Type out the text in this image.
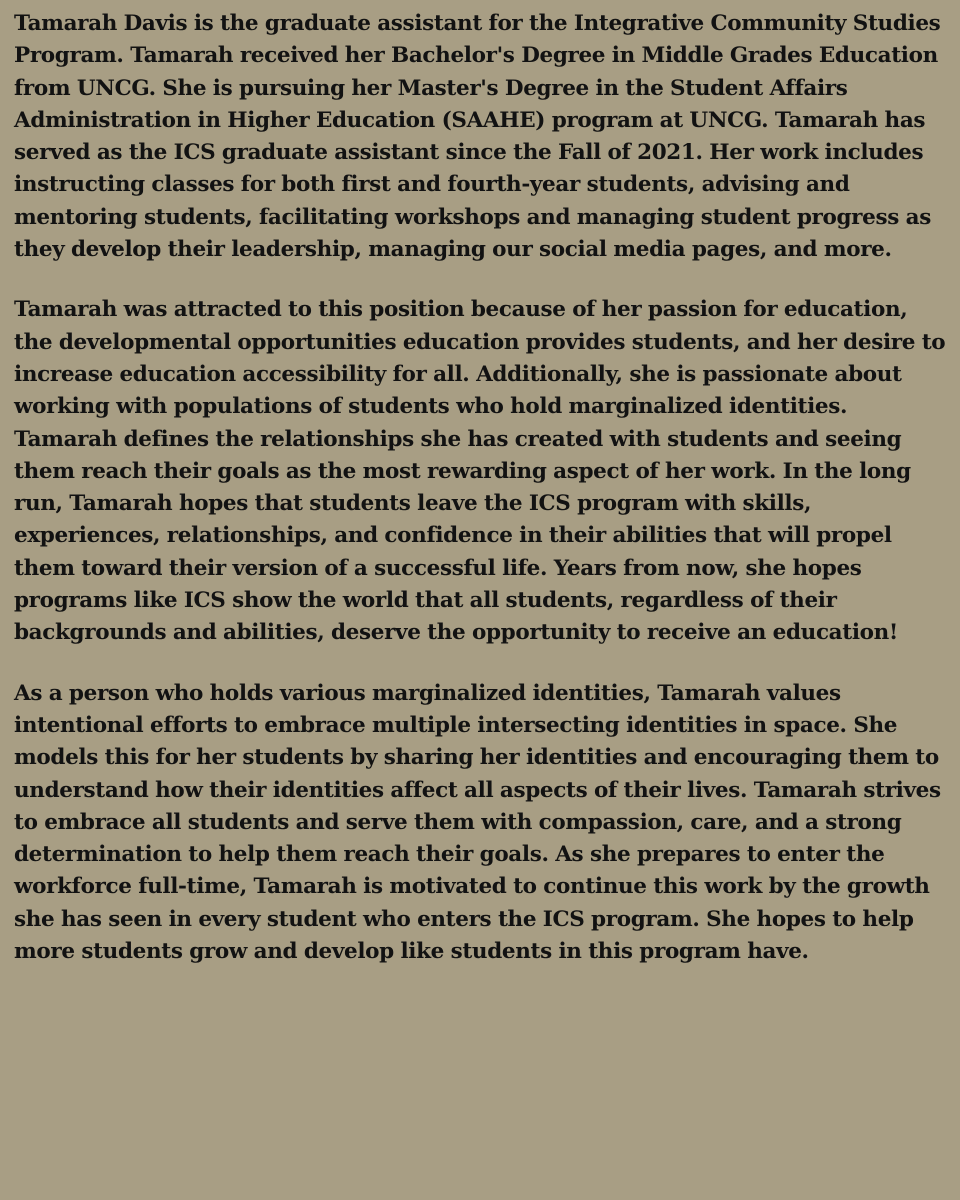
Tamarah Davis is the graduate assistant for the Integrative Community Studies Program. Tamarah received her Bachelor's Degree in Middle Grades Education from UNCG. She is pursuing her Master's Degree in the Student Affairs Administration in Higher Education (SAAHE) program at UNCG. Tamarah has served as the ICS graduate assistant since the Fall of 2021. Her work includes instructing classes for both first and fourth-year students, advising and mentoring students, facilitating workshops and managing student progress as they develop their leadership, managing our social media pages, and more.

Tamarah was attracted to this position because of her passion for education, the developmental opportunities education provides students, and her desire to increase education accessibility for all. Additionally, she is passionate about working with populations of students who hold marginalized identities. Tamarah defines the relationships she has created with students and seeing them reach their goals as the most rewarding aspect of her work. In the long run, Tamarah hopes that students leave the ICS program with skills, experiences, relationships, and confidence in their abilities that will propel them toward their version of a successful life. Years from now, she hopes programs like ICS show the world that all students, regardless of their backgrounds and abilities, deserve the opportunity to receive an education!

As a person who holds various marginalized identities, Tamarah values intentional efforts to embrace multiple intersecting identities in space. She models this for her students by sharing her identities and encouraging them to understand how their identities affect all aspects of their lives. Tamarah strives to embrace all students and serve them with compassion, care, and a strong determination to help them reach their goals. As she prepares to enter the workforce full-time, Tamarah is motivated to continue this work by the growth she has seen in every student who enters the ICS program. She hopes to help more students grow and develop like students in this program have.
